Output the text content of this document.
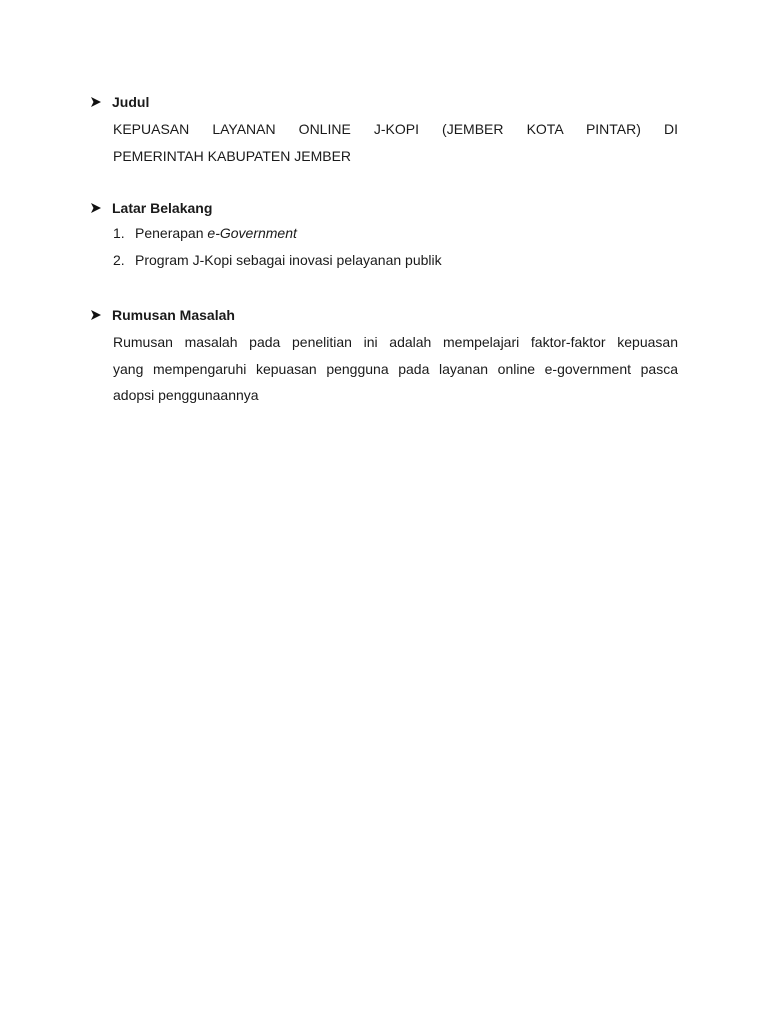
Judul
KEPUASAN LAYANAN ONLINE J-KOPI (JEMBER KOTA PINTAR) DI
PEMERINTAH KABUPATEN JEMBER
Latar Belakang
1. Penerapan e-Government
2. Program J-Kopi sebagai inovasi pelayanan publik
Rumusan Masalah
Rumusan masalah pada penelitian ini adalah mempelajari faktor-faktor kepuasan
yang mempengaruhi kepuasan pengguna pada layanan online e-government pasca
adopsi penggunaannya
